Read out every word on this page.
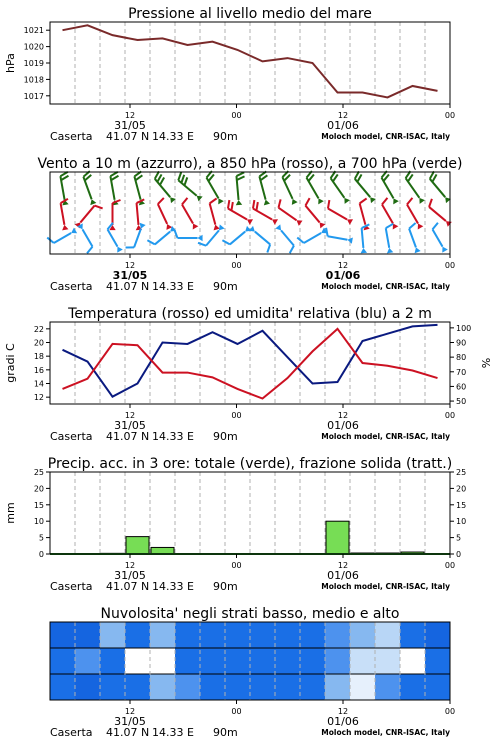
Pressione al livello medio del mare
1017
1018
1019
1020
1021
hPa
12	00	12	00
31/05	01/06
Caserta 41.07 N 14.33 E 90m	Moloch model, CNR-ISAC, Italy
Vento a 10 m (azzurro), a 850 hPa (rosso), a 700 hPa (verde)
12	00	12	00
31/05	01/06
Caserta 41.07 N 14.33 E 90m	Moloch model, CNR-ISAC, Italy
Temperatura (rosso) ed umidita' relativa (blu) a 2 m
12
14
16
18
20
22
50
60
70
80
90
100
gradi C	%
12	00	12	00
31/05	01/06
Caserta 41.07 N 14.33 E 90m	Moloch model, CNR-ISAC, Italy
Precip. acc. in 3 ore: totale (verde), frazione solida (tratt.)
0
5
10
15
20
25
0
5
10
15
20
25
mm
12	00	12	00
31/05	01/06
Caserta 41.07 N 14.33 E 90m	Moloch model, CNR-ISAC, Italy
Nuvolosita' negli strati basso, medio e alto
12	00	12	00
31/05	01/06
Caserta 41.07 N 14.33 E 90m	Moloch model, CNR-ISAC, Italy
